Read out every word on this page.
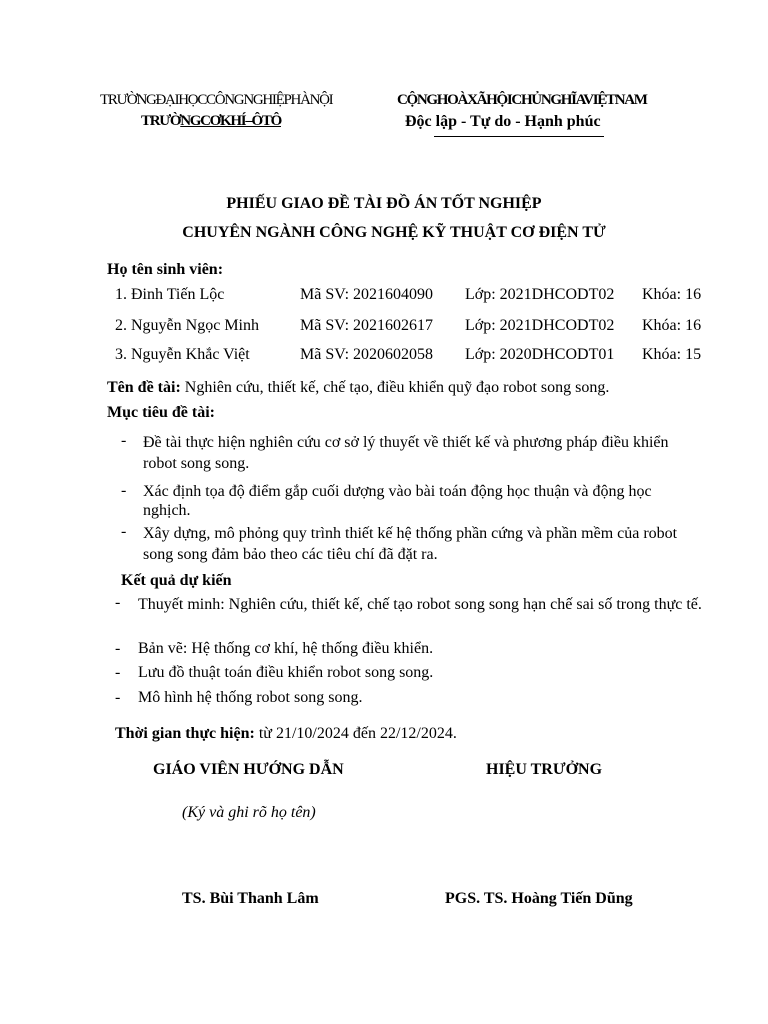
TRƯỜNGĐẠIHỌCCÔNGNGHIỆPHÀNỘI
TRƯỜNGCƠKHÍ–ÔTÔ
CỘNGHOÀXÃHỘICHỦNGHĨAVIỆTNAM
Độc lập - Tự do - Hạnh phúc
PHIẾU GIAO ĐỀ TÀI ĐỒ ÁN TỐT NGHIỆP
CHUYÊN NGÀNH CÔNG NGHỆ KỸ THUẬT CƠ ĐIỆN TỬ
Họ tên sinh viên:
1. Đinh Tiến Lộc	Mã SV: 2021604090 Lớp: 2021DHCODT02 Khóa: 16
2. Nguyễn Ngọc Minh	Mã SV: 2021602617 Lớp: 2021DHCODT02 Khóa: 16
3. Nguyễn Khắc Việt	Mã SV: 2020602058 Lớp: 2020DHCODT01 Khóa: 15
Tên đề tài: Nghiên cứu, thiết kế, chế tạo, điều khiển quỹ đạo robot song song.
Mục tiêu đề tài:
- Đề tài thực hiện nghiên cứu cơ sở lý thuyết về thiết kế và phương pháp điều khiển robot song song.
- Xác định tọa độ điểm gắp cuối dượng vào bài toán động học thuận và động học nghịch.
- Xây dựng, mô phỏng quy trình thiết kế hệ thống phần cứng và phần mềm của robot song song đảm bảo theo các tiêu chí đã đặt ra.
Kết quả dự kiến
- Thuyết minh: Nghiên cứu, thiết kế, chế tạo robot song song hạn chế sai số trong thực tế.
- Bản vẽ: Hệ thống cơ khí, hệ thống điều khiển.
- Lưu đồ thuật toán điều khiển robot song song.
- Mô hình hệ thống robot song song.
Thời gian thực hiện: từ 21/10/2024 đến 22/12/2024.
GIÁO VIÊN HƯỚNG DẪN	HIỆU TRƯỞNG
(Ký và ghi rõ họ tên)
TS. Bùi Thanh Lâm	PGS. TS. Hoàng Tiến Dũng
